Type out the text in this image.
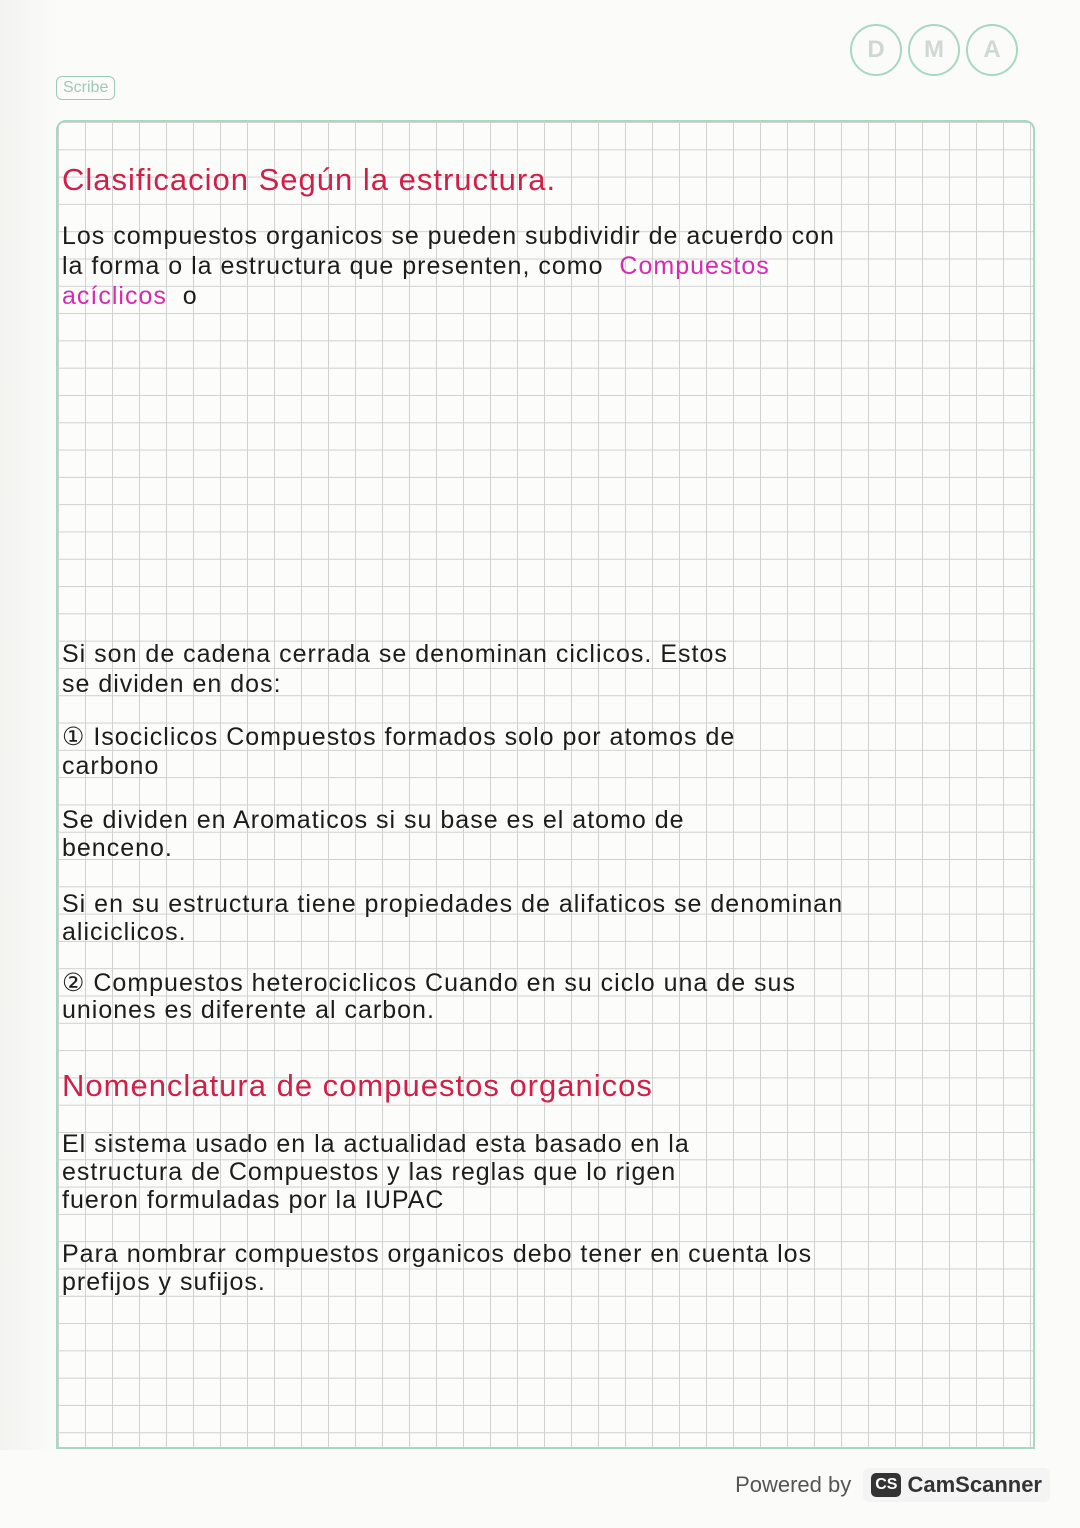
Scribe
D	M	A
Clasificacion Según la estructura.
Los compuestos organicos se pueden subdividir de acuerdo con
la forma o la estructura que presenten, como Compuestos
acíclicos o
Si son de cadena cerrada se denominan ciclicos. Estos
se dividen en dos:
① Isociclicos Compuestos formados solo por atomos de
carbono
Se dividen en Aromaticos si su base es el atomo de
benceno.
Si en su estructura tiene propiedades de alifaticos se denominan
aliciclicos.
② Compuestos heterociclicos Cuando en su ciclo una de sus
uniones es diferente al carbon.
Nomenclatura de compuestos organicos
El sistema usado en la actualidad esta basado en la
estructura de Compuestos y las reglas que lo rigen
fueron formuladas por la IUPAC
Para nombrar compuestos organicos debo tener en cuenta los
prefijos y sufijos.
Powered by CS CamScanner
